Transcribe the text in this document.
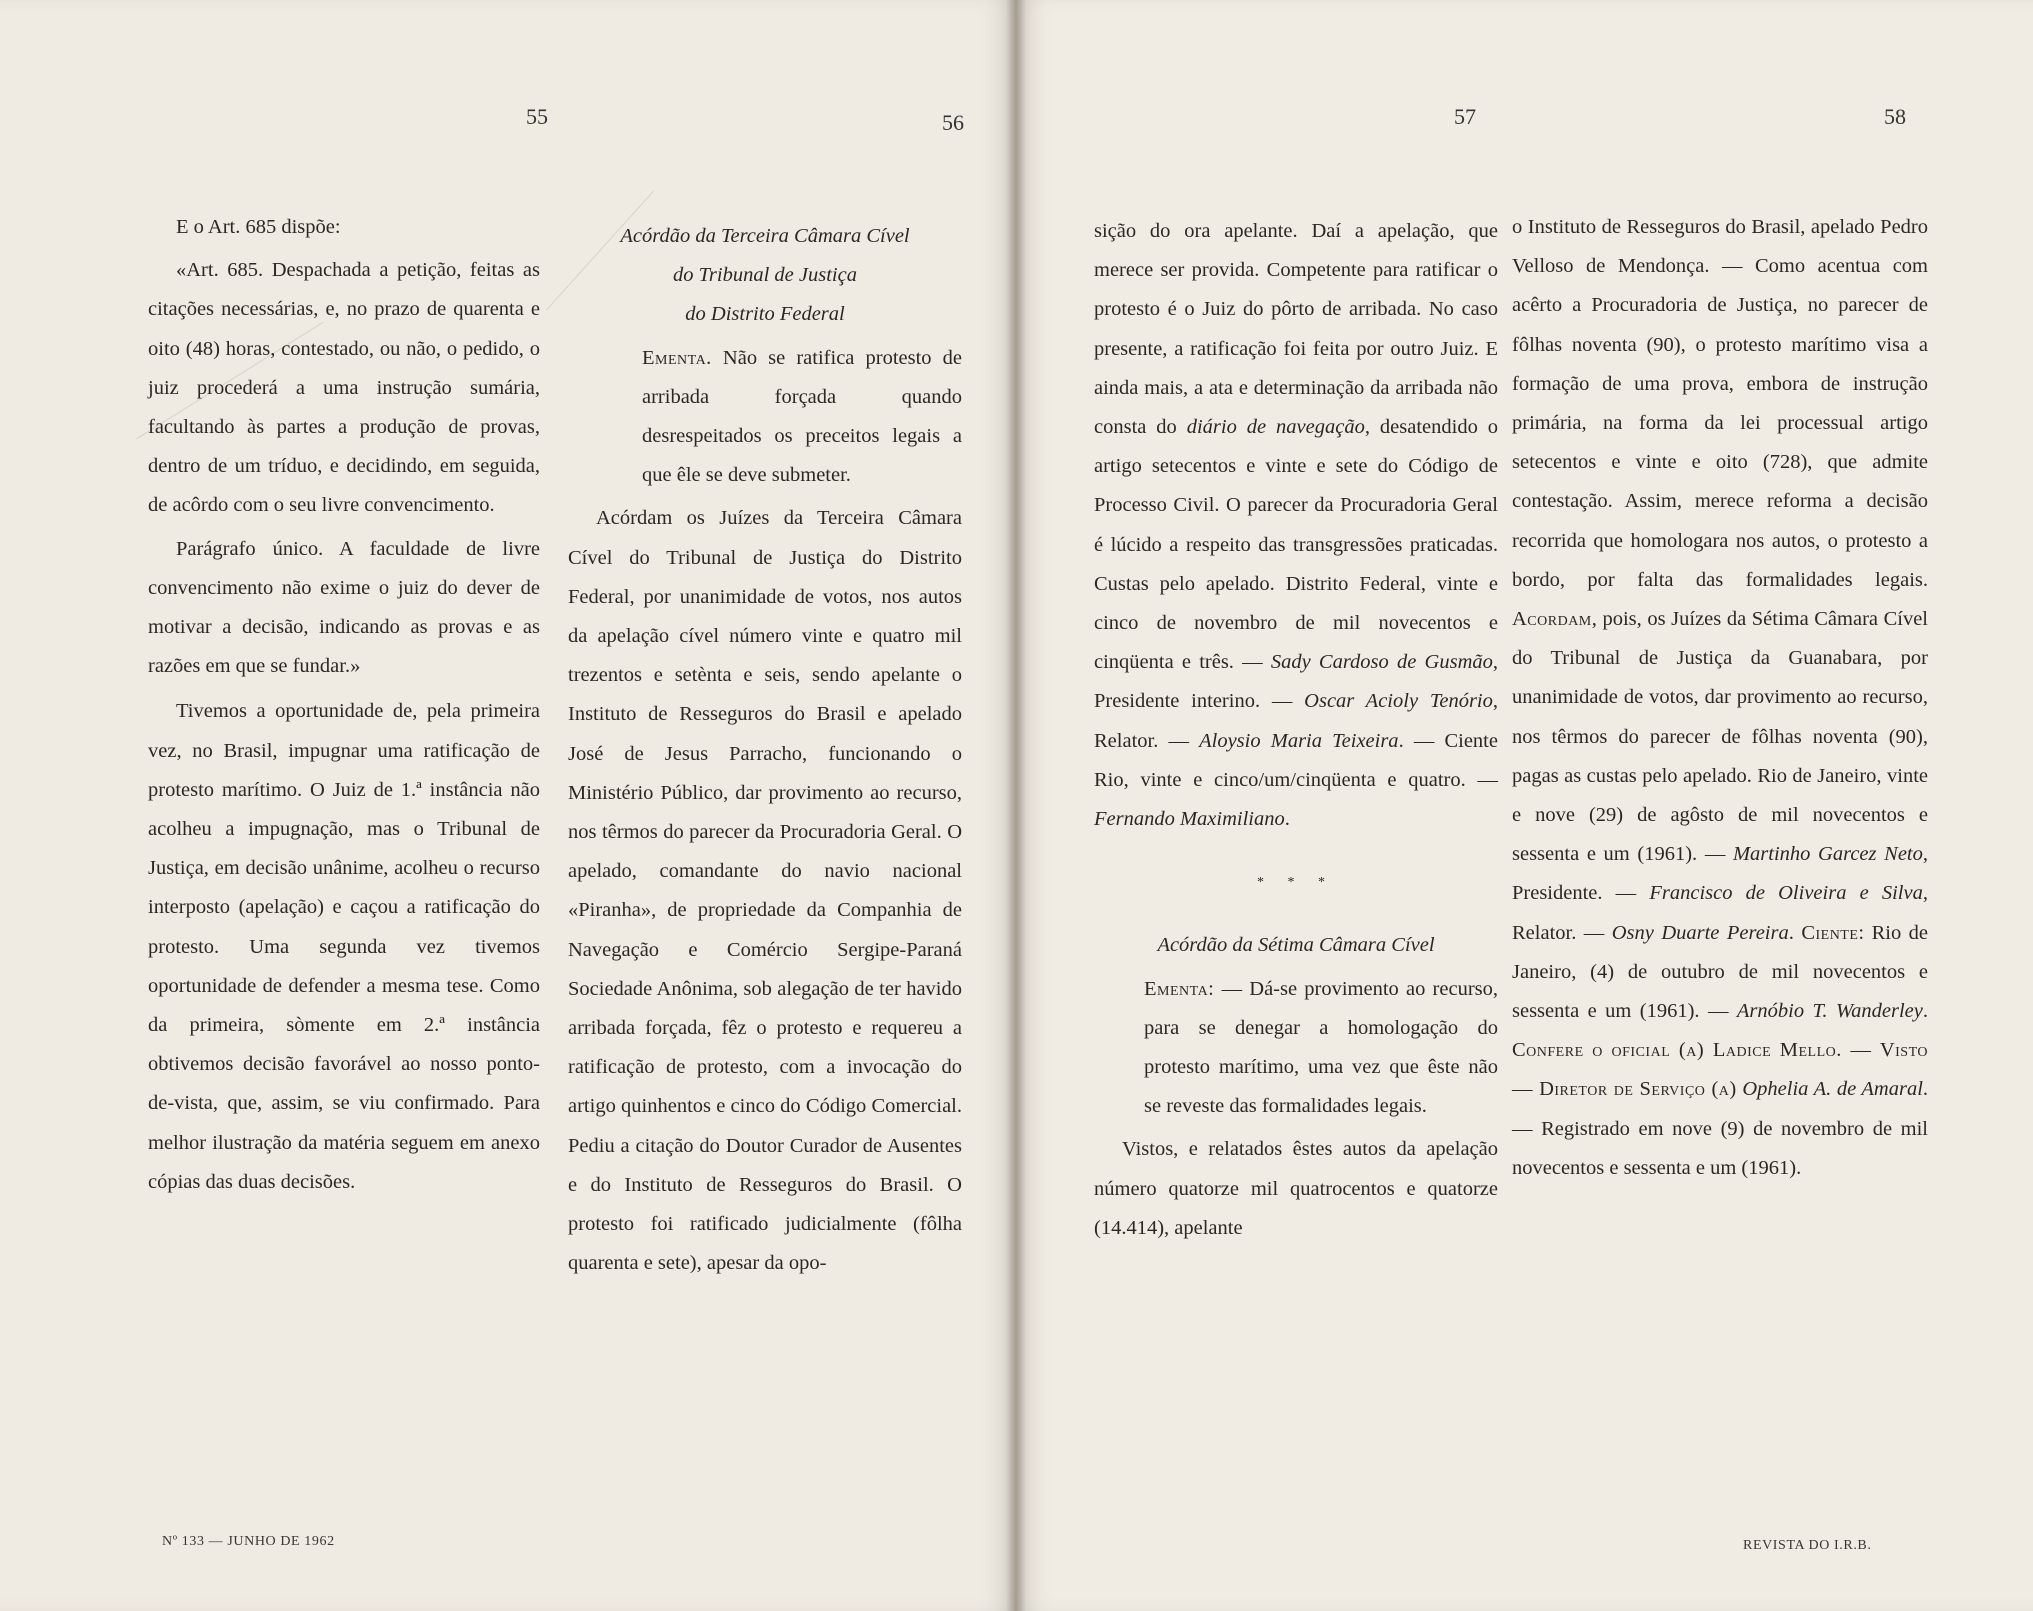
55	56

E o Art. 685 dispõe:

«Art. 685. Despachada a petição, feitas as citações necessárias, e, no prazo de quarenta e oito (48) horas, contestado, ou não, o pedido, o juiz procederá a uma instrução sumária, facultando às partes a produção de provas, dentro de um tríduo, e decidindo, em seguida, de acôrdo com o seu livre convencimento.

Parágrafo único. A faculdade de livre convencimento não exime o juiz do dever de motivar a decisão, indicando as provas e as razões em que se fundar.»

Tivemos a oportunidade de, pela primeira vez, no Brasil, impugnar uma ratificação de protesto marítimo. O Juiz de 1.ª instância não acolheu a impugnação, mas o Tribunal de Justiça, em decisão unânime, acolheu o recurso interposto (apelação) e caçou a ratificação do protesto. Uma segunda vez tivemos oportunidade de defender a mesma tese. Como da primeira, sòmente em 2.ª instância obtivemos decisão favorável ao nosso ponto-de-vista, que, assim, se viu confirmado. Para melhor ilustração da matéria seguem em anexo cópias das duas decisões.

Acórdão da Terceira Câmara Cível
do Tribunal de Justiça
do Distrito Federal

Ementa. Não se ratifica protesto de arribada forçada quando desrespeitados os preceitos legais a que êle se deve submeter.

Acórdam os Juízes da Terceira Câmara Cível do Tribunal de Justiça do Distrito Federal, por unanimidade de votos, nos autos da apelação cível número vinte e quatro mil trezentos e setènta e seis, sendo apelante o Instituto de Resseguros do Brasil e apelado José de Jesus Parracho, funcionando o Ministério Público, dar provimento ao recurso, nos têrmos do parecer da Procuradoria Geral. O apelado, comandante do navio nacional «Piranha», de propriedade da Companhia de Navegação e Comércio Sergipe-Paraná Sociedade Anônima, sob alegação de ter havido arribada forçada, fêz o protesto e requereu a ratificação de protesto, com a invocação do artigo quinhentos e cinco do Código Comercial. Pediu a citação do Doutor Curador de Ausentes e do Instituto de Resseguros do Brasil. O protesto foi ratificado judicialmente (fôlha quarenta e sete), apesar da opo-

Nº 133 — JUNHO DE 1962
57	58

sição do ora apelante. Daí a apelação, que merece ser provida. Competente para ratificar o protesto é o Juiz do pôrto de arribada. No caso presente, a ratificação foi feita por outro Juiz. E ainda mais, a ata e determinação da arribada não consta do diário de navegação, desatendido o artigo setecentos e vinte e sete do Código de Processo Civil. O parecer da Procuradoria Geral é lúcido a respeito das transgressões praticadas. Custas pelo apelado. Distrito Federal, vinte e cinco de novembro de mil novecentos e cinqüenta e três. — Sady Cardoso de Gusmão, Presidente interino. — Oscar Acioly Tenório, Relator. — Aloysio Maria Teixeira. — Ciente Rio, vinte e cinco/um/cinqüenta e quatro. — Fernando Maximiliano.

* * *
Acórdão da Sétima Câmara Cível

Ementa: — Dá-se provimento ao recurso, para se denegar a homologação do protesto marítimo, uma vez que êste não se reveste das formalidades legais.

Vistos, e relatados êstes autos da apelação número quatorze mil quatrocentos e quatorze (14.414), apelante

o Instituto de Resseguros do Brasil, apelado Pedro Velloso de Mendonça. — Como acentua com acêrto a Procuradoria de Justiça, no parecer de fôlhas noventa (90), o protesto marítimo visa a formação de uma prova, embora de instrução primária, na forma da lei processual artigo setecentos e vinte e oito (728), que admite contestação. Assim, merece reforma a decisão recorrida que homologara nos autos, o protesto a bordo, por falta das formalidades legais. Acordam, pois, os Juízes da Sétima Câmara Cível do Tribunal de Justiça da Guanabara, por unanimidade de votos, dar provimento ao recurso, nos têrmos do parecer de fôlhas noventa (90), pagas as custas pelo apelado. Rio de Janeiro, vinte e nove (29) de agôsto de mil novecentos e sessenta e um (1961). — Martinho Garcez Neto, Presidente. — Francisco de Oliveira e Silva, Relator. — Osny Duarte Pereira. Ciente: Rio de Janeiro, (4) de outubro de mil novecentos e sessenta e um (1961). — Arnóbio T. Wanderley. Confere o oficial (a) Ladice Mello. — Visto — Diretor de Serviço (a) Ophelia A. de Amaral. — Registrado em nove (9) de novembro de mil novecentos e sessenta e um (1961).

REVISTA DO I.R.B.
